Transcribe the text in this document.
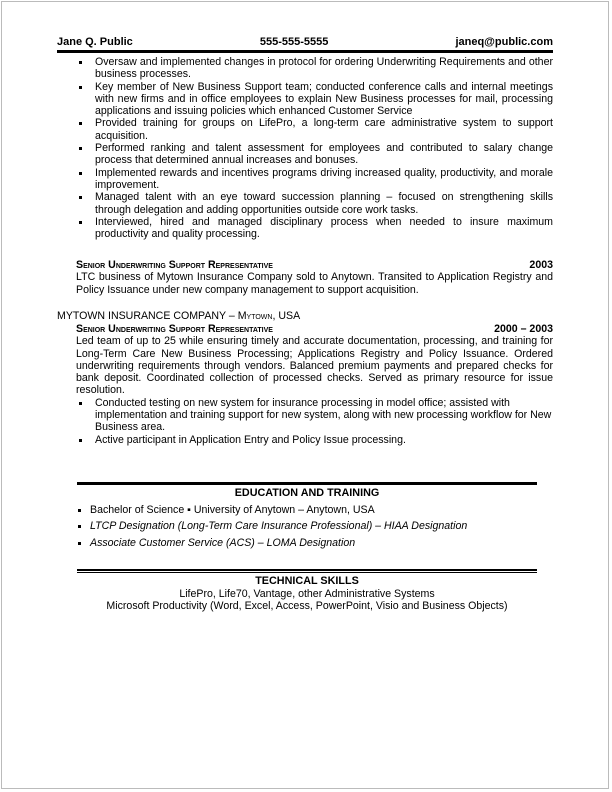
Jane Q. Public	555-555-5555	janeq@public.com
Oversaw and implemented changes in protocol for ordering Underwriting Requirements and other business processes.
Key member of New Business Support team; conducted conference calls and internal meetings with new firms and in office employees to explain New Business processes for mail, processing applications and issuing policies which enhanced Customer Service
Provided training for groups on LifePro, a long-term care administrative system to support acquisition.
Performed ranking and talent assessment for employees and contributed to salary change process that determined annual increases and bonuses.
Implemented rewards and incentives programs driving increased quality, productivity, and morale improvement.
Managed talent with an eye toward succession planning – focused on strengthening skills through delegation and adding opportunities outside core work tasks.
Interviewed, hired and managed disciplinary process when needed to insure maximum productivity and quality processing.
Senior Underwriting Support Representative	2003
LTC business of Mytown Insurance Company sold to Anytown. Transited to Application Registry and Policy Issuance under new company management to support acquisition.
MYTOWN INSURANCE COMPANY – Mytown, USA
Senior Underwriting Support Representative	2000 – 2003
Led team of up to 25 while ensuring timely and accurate documentation, processing, and training for Long-Term Care New Business Processing; Applications Registry and Policy Issuance. Ordered underwriting requirements through vendors. Balanced premium payments and prepared checks for bank deposit. Coordinated collection of processed checks. Served as primary resource for issue resolution.
Conducted testing on new system for insurance processing in model office; assisted with implementation and training support for new system, along with new processing workflow for New Business area.
Active participant in Application Entry and Policy Issue processing.
EDUCATION AND TRAINING
Bachelor of Science ▪ University of Anytown – Anytown, USA
LTCP Designation (Long-Term Care Insurance Professional) – HIAA Designation
Associate Customer Service (ACS) – LOMA Designation
TECHNICAL SKILLS
LifePro, Life70, Vantage, other Administrative Systems
Microsoft Productivity (Word, Excel, Access, PowerPoint, Visio and Business Objects)
